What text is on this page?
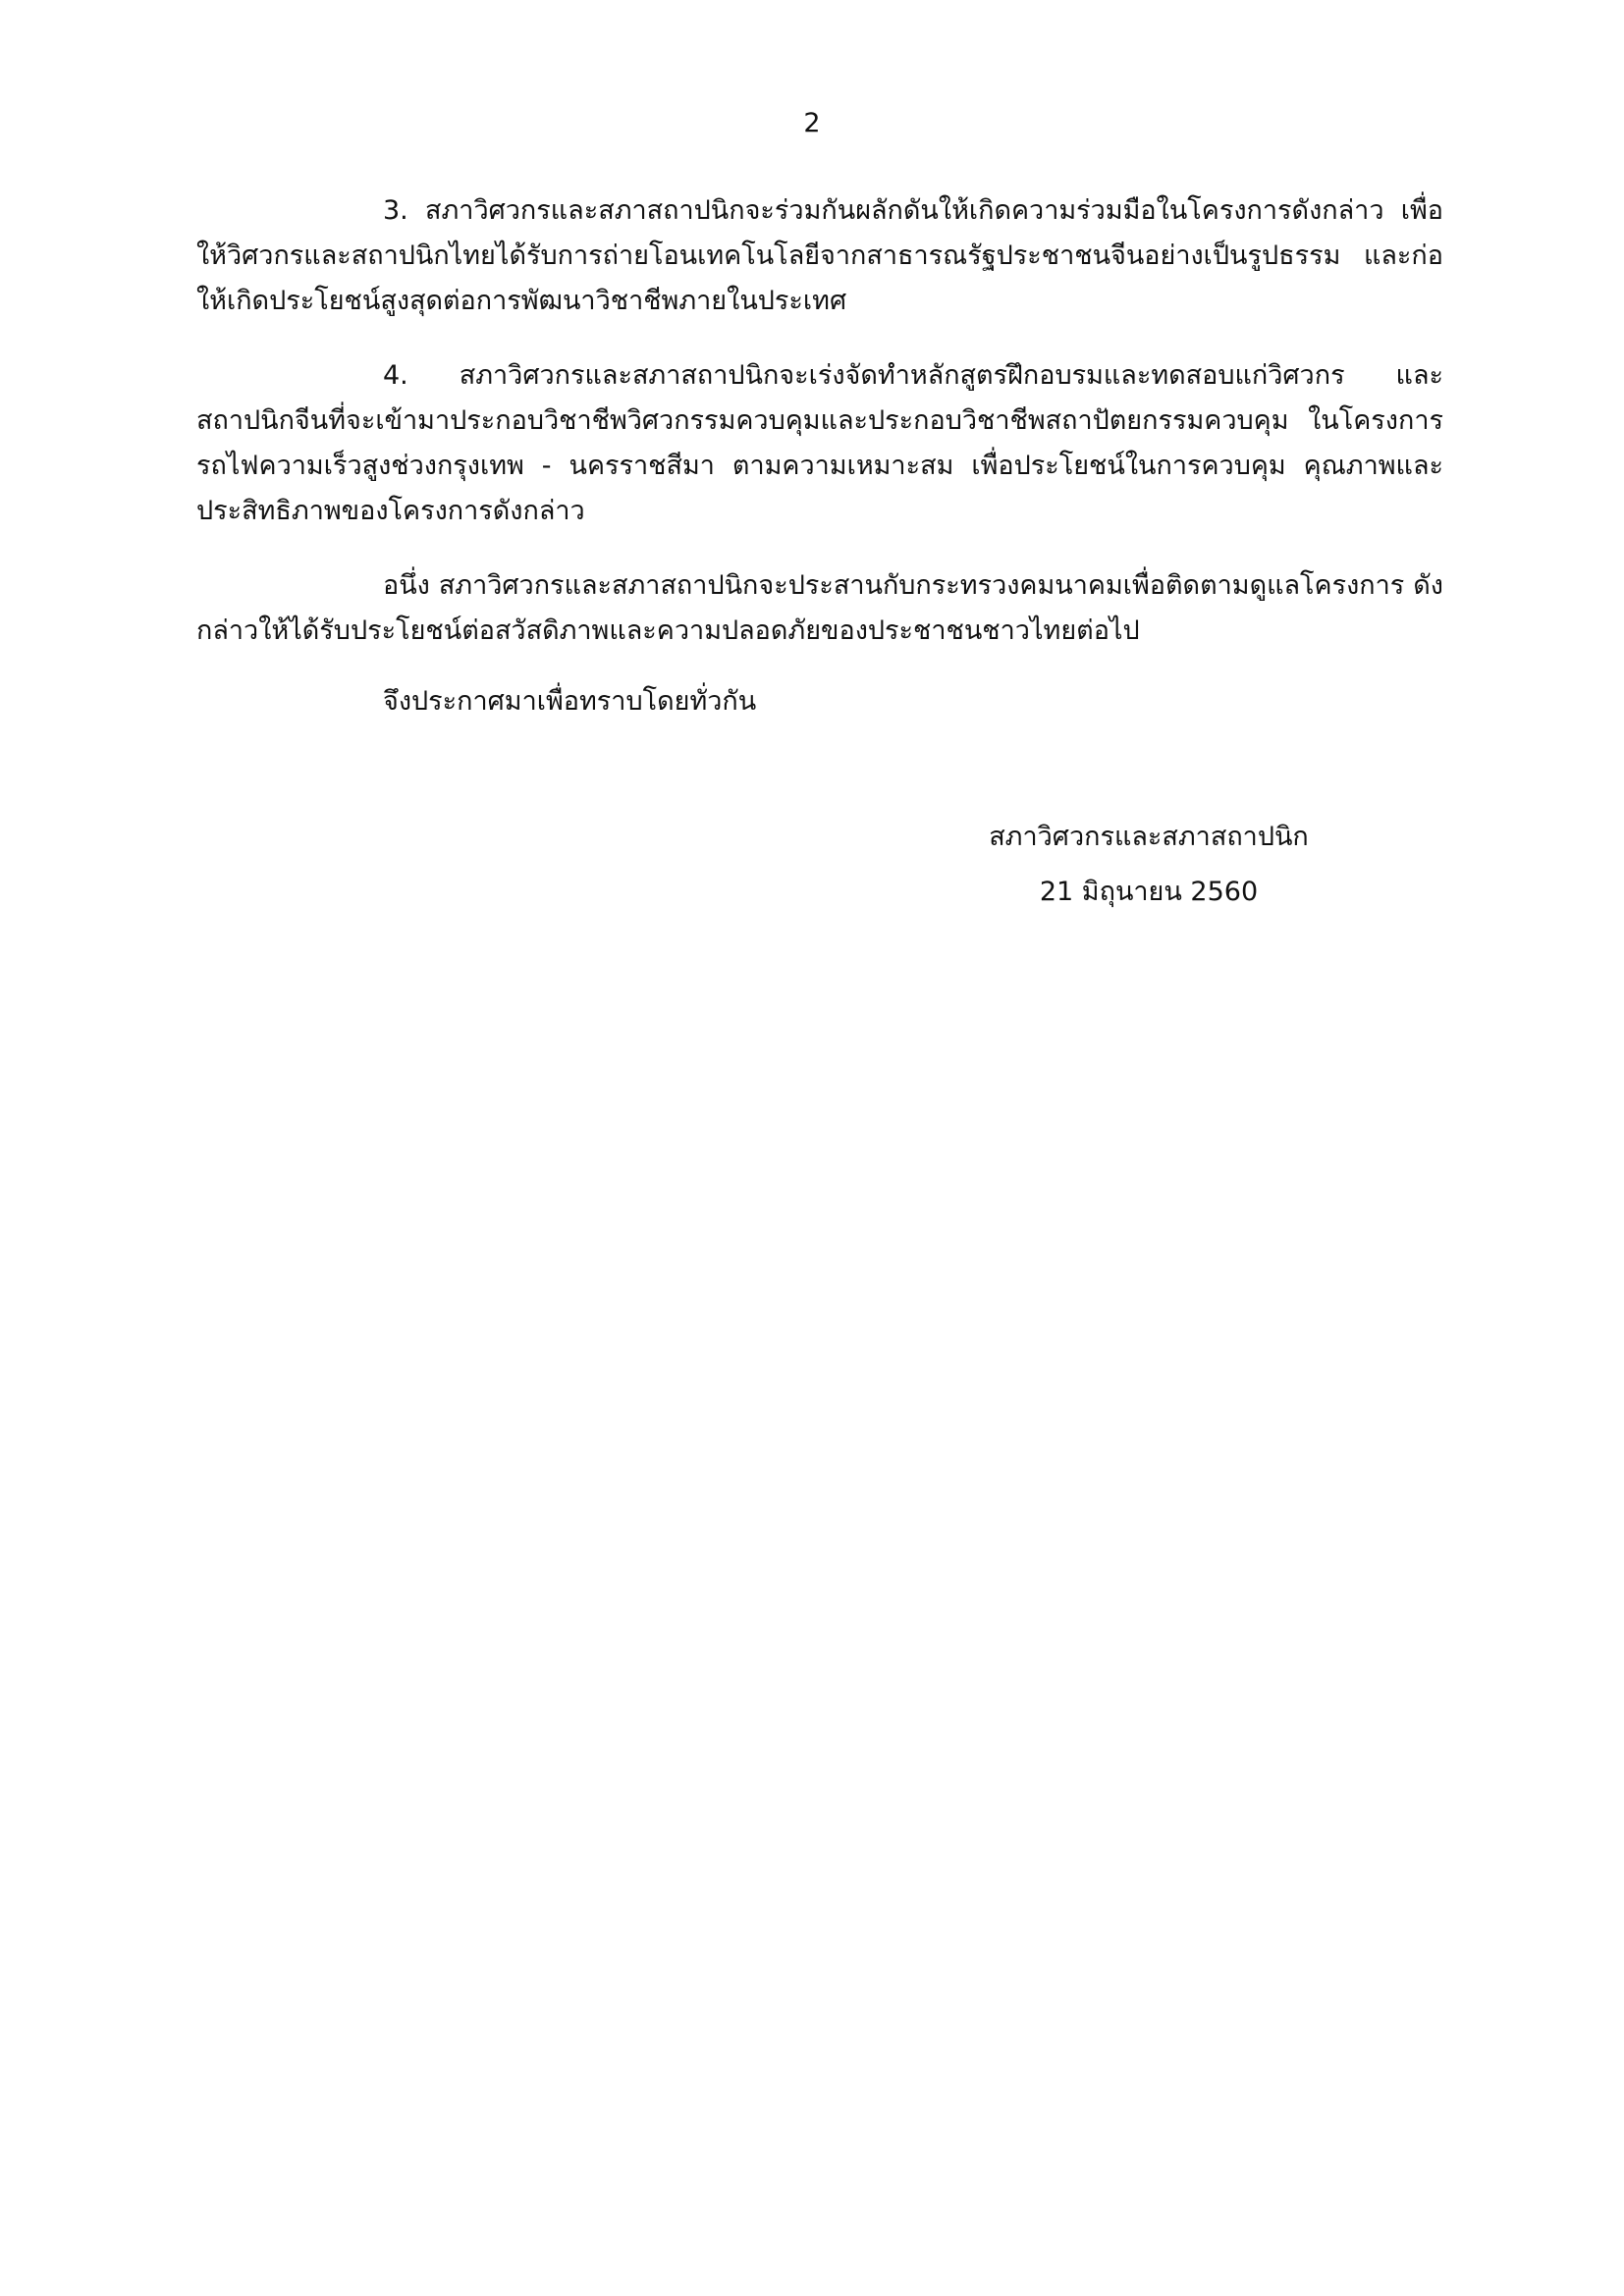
2

3. สภาวิศวกรและสภาสถาปนิกจะร่วมกันผลักดันให้เกิดความร่วมมือในโครงการดังกล่าว เพื่อให้วิศวกรและสถาปนิกไทยได้รับการถ่ายโอนเทคโนโลยีจากสาธารณรัฐประชาชนจีนอย่างเป็นรูปธรรม และก่อให้เกิดประโยชน์สูงสุดต่อการพัฒนาวิชาชีพภายในประเทศ

4. สภาวิศวกรและสภาสถาปนิกจะเร่งจัดทำหลักสูตรฝึกอบรมและทดสอบแก่วิศวกร และสถาปนิกจีนที่จะเข้ามาประกอบวิชาชีพวิศวกรรมควบคุมและประกอบวิชาชีพสถาปัตยกรรมควบคุม ในโครงการรถไฟความเร็วสูงช่วงกรุงเทพ - นครราชสีมา ตามความเหมาะสม เพื่อประโยชน์ในการควบคุม คุณภาพและประสิทธิภาพของโครงการดังกล่าว

อนึ่ง สภาวิศวกรและสภาสถาปนิกจะประสานกับกระทรวงคมนาคมเพื่อติดตามดูแลโครงการ ดังกล่าวให้ได้รับประโยชน์ต่อสวัสดิภาพและความปลอดภัยของประชาชนชาวไทยต่อไป

จึงประกาศมาเพื่อทราบโดยทั่วกัน

สภาวิศวกรและสภาสถาปนิก
21 มิถุนายน 2560
